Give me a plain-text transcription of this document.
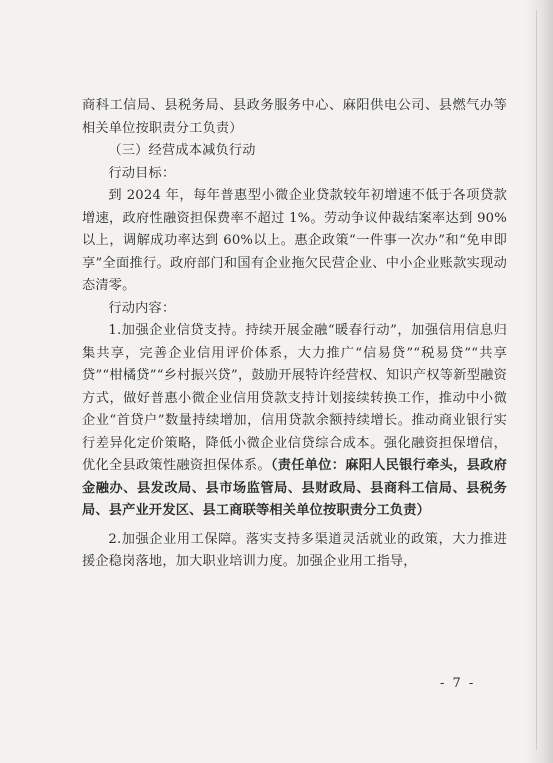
商科工信局、县税务局、县政务服务中心、麻阳供电公司、县燃气办等相关单位按职责分工负责）

（三）经营成本减负行动

行动目标：

到 2024 年，每年普惠型小微企业贷款较年初增速不低于各项贷款增速，政府性融资担保费率不超过 1%。劳动争议仲裁结案率达到 90%以上，调解成功率达到 60%以上。惠企政策“一件事一次办”和“免申即享”全面推行。政府部门和国有企业拖欠民营企业、中小企业账款实现动态清零。

行动内容：

1.加强企业信贷支持。持续开展金融“暖春行动”，加强信用信息归集共享，完善企业信用评价体系，大力推广“信易贷”“税易贷”“共享贷”“柑橘贷”“乡村振兴贷”，鼓励开展特许经营权、知识产权等新型融资方式，做好普惠小微企业信用贷款支持计划接续转换工作，推动中小微企业“首贷户”数量持续增加，信用贷款余额持续增长。推动商业银行实行差异化定价策略，降低小微企业信贷综合成本。强化融资担保增信，优化全县政策性融资担保体系。（责任单位：麻阳人民银行牵头，县政府金融办、县发改局、县市场监管局、县财政局、县商科工信局、县税务局、县产业开发区、县工商联等相关单位按职责分工负责）

2.加强企业用工保障。落实支持多渠道灵活就业的政策，大力推进援企稳岗落地，加大职业培训力度。加强企业用工指导，

- 7 -
